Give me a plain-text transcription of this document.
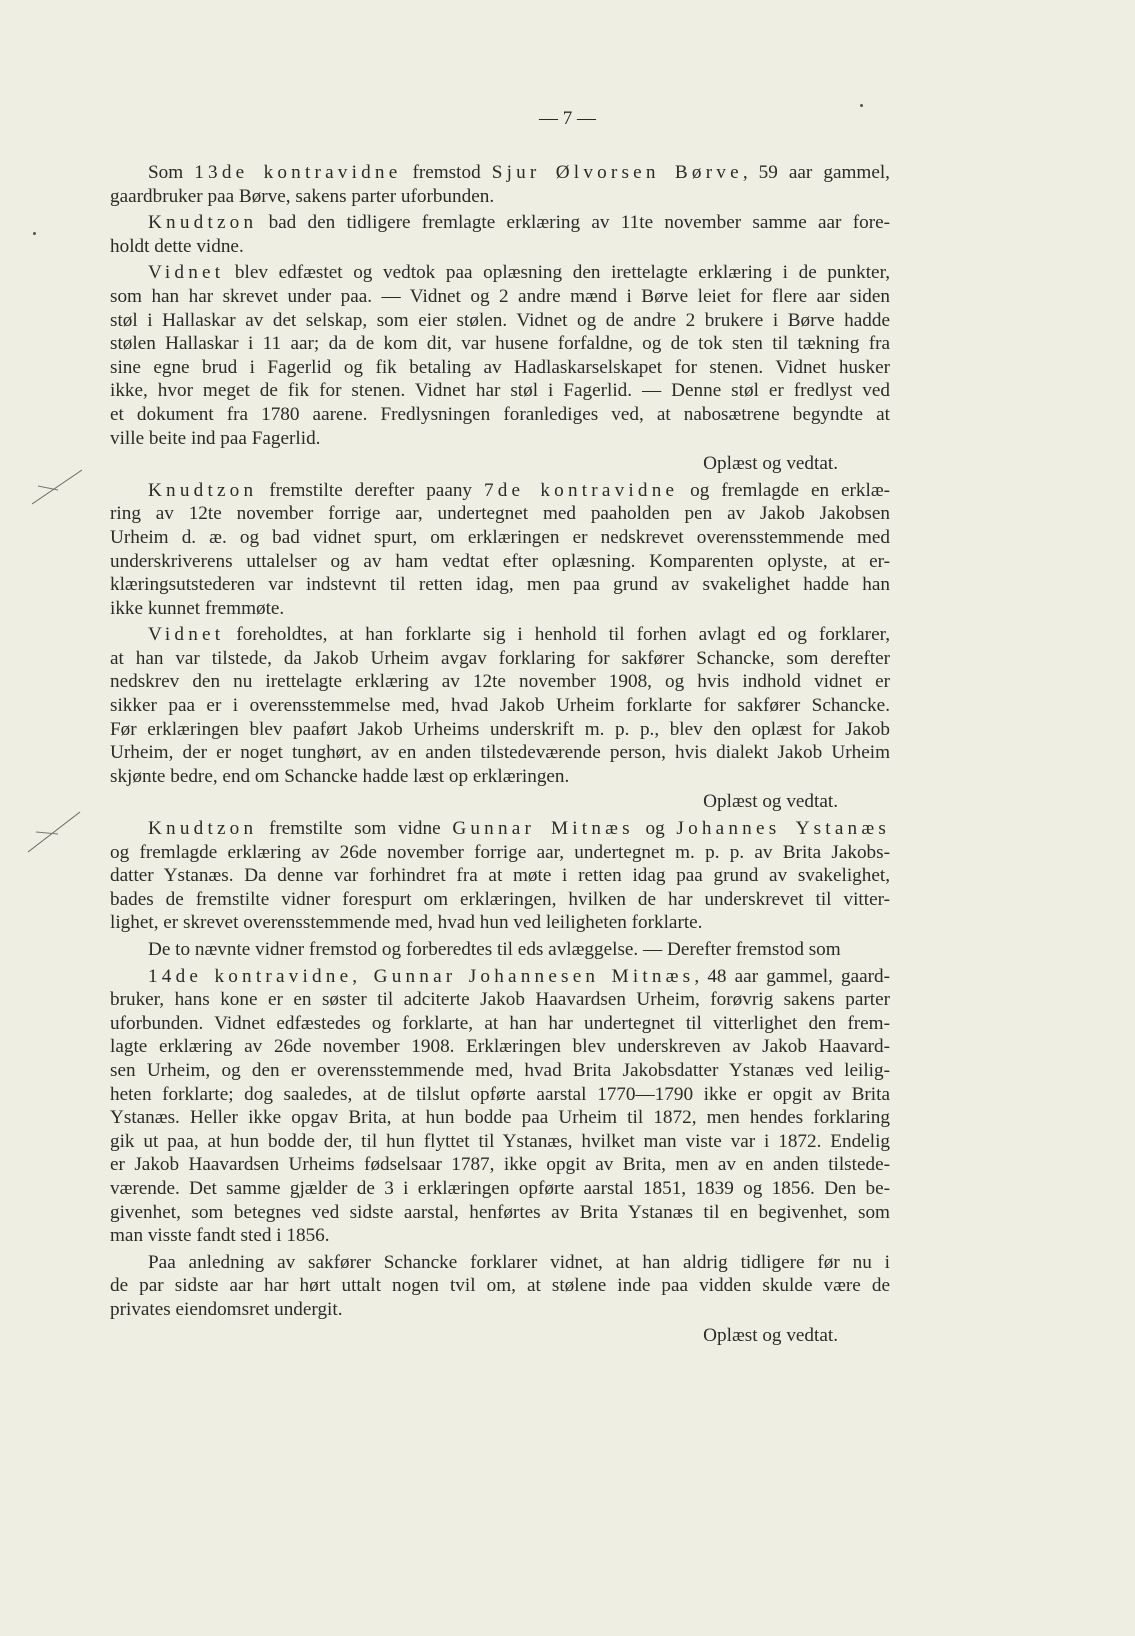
— 7 —
Som 13de kontravidne fremstod Sjur Ølvorsen Børve, 59 aar gammel,
gaardbruker paa Børve, sakens parter uforbunden.
Knudtzon bad den tidligere fremlagte erklæring av 11te november samme aar fore-
holdt dette vidne.
Vidnet blev edfæstet og vedtok paa oplæsning den irettelagte erklæring i de punkter,
som han har skrevet under paa. — Vidnet og 2 andre mænd i Børve leiet for flere aar siden
støl i Hallaskar av det selskap, som eier stølen. Vidnet og de andre 2 brukere i Børve hadde
stølen Hallaskar i 11 aar; da de kom dit, var husene forfaldne, og de tok sten til tækning fra
sine egne brud i Fagerlid og fik betaling av Hadlaskarselskapet for stenen. Vidnet husker
ikke, hvor meget de fik for stenen. Vidnet har støl i Fagerlid. — Denne støl er fredlyst ved
et dokument fra 1780 aarene. Fredlysningen foranlediges ved, at nabosætrene begyndte at
ville beite ind paa Fagerlid.
Oplæst og vedtat.
Knudtzon fremstilte derefter paany 7de kontravidne og fremlagde en erklæ-
ring av 12te november forrige aar, undertegnet med paaholden pen av Jakob Jakobsen
Urheim d. æ. og bad vidnet spurt, om erklæringen er nedskrevet overensstemmende med
underskriverens uttalelser og av ham vedtat efter oplæsning. Komparenten oplyste, at er-
klæringsutstederen var indstevnt til retten idag, men paa grund av svakelighet hadde han
ikke kunnet fremmøte.
Vidnet foreholdtes, at han forklarte sig i henhold til forhen avlagt ed og forklarer,
at han var tilstede, da Jakob Urheim avgav forklaring for sakfører Schancke, som derefter
nedskrev den nu irettelagte erklæring av 12te november 1908, og hvis indhold vidnet er
sikker paa er i overensstemmelse med, hvad Jakob Urheim forklarte for sakfører Schancke.
Før erklæringen blev paaført Jakob Urheims underskrift m. p. p., blev den oplæst for Jakob
Urheim, der er noget tunghørt, av en anden tilstedeværende person, hvis dialekt Jakob Urheim
skjønte bedre, end om Schancke hadde læst op erklæringen.
Oplæst og vedtat.
Knudtzon fremstilte som vidne Gunnar Mitnæs og Johannes Ystanæs
og fremlagde erklæring av 26de november forrige aar, undertegnet m. p. p. av Brita Jakobs-
datter Ystanæs. Da denne var forhindret fra at møte i retten idag paa grund av svakelighet,
bades de fremstilte vidner forespurt om erklæringen, hvilken de har underskrevet til vitter-
lighet, er skrevet overensstemmende med, hvad hun ved leiligheten forklarte.
De to nævnte vidner fremstod og forberedtes til eds avlæggelse. — Derefter fremstod som
14de kontravidne, Gunnar Johannesen Mitnæs, 48 aar gammel, gaard-
bruker, hans kone er en søster til adciterte Jakob Haavardsen Urheim, forøvrig sakens parter
uforbunden. Vidnet edfæstedes og forklarte, at han har undertegnet til vitterlighet den frem-
lagte erklæring av 26de november 1908. Erklæringen blev underskreven av Jakob Haavard-
sen Urheim, og den er overensstemmende med, hvad Brita Jakobsdatter Ystanæs ved leilig-
heten forklarte; dog saaledes, at de tilslut opførte aarstal 1770—1790 ikke er opgit av Brita
Ystanæs. Heller ikke opgav Brita, at hun bodde paa Urheim til 1872, men hendes forklaring
gik ut paa, at hun bodde der, til hun flyttet til Ystanæs, hvilket man viste var i 1872. Endelig
er Jakob Haavardsen Urheims fødselsaar 1787, ikke opgit av Brita, men av en anden tilstede-
værende. Det samme gjælder de 3 i erklæringen opførte aarstal 1851, 1839 og 1856. Den be-
givenhet, som betegnes ved sidste aarstal, henførtes av Brita Ystanæs til en begivenhet, som
man visste fandt sted i 1856.
Paa anledning av sakfører Schancke forklarer vidnet, at han aldrig tidligere før nu i
de par sidste aar har hørt uttalt nogen tvil om, at stølene inde paa vidden skulde være de
privates eiendomsret undergit.
Oplæst og vedtat.
